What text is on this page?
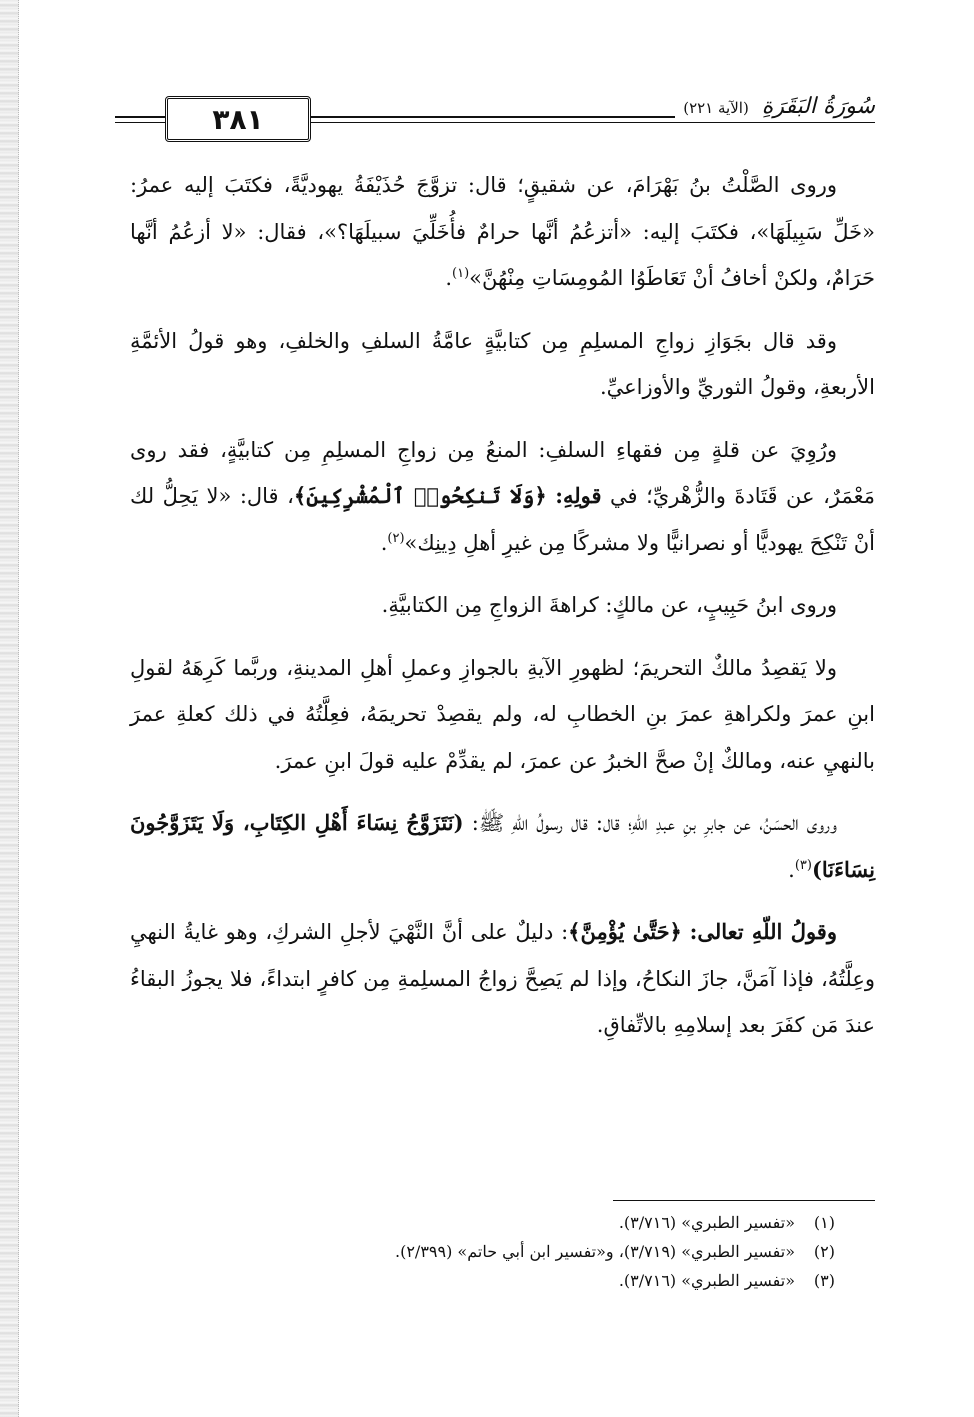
٣٨١	سُورَةُ البَقَرَةِ (الآية ٢٢١)

وروى الصَّلْتُ بنُ بَهْرَامَ، عن شقيقٍ؛ قال: تزوَّجَ حُذَيْفَةُ يهوديَّةً، فكتَبَ إليه عمرُ: «خَلِّ سَبِيلَهَا»، فكتَبَ إليه: «أتزعُمُ أنَّها حرامٌ فأُخَلِّيَ سبيلَهَا؟»، فقال: «لا أزعُمُ أنَّها حَرَامٌ، ولكنْ أخافُ أنْ تَعَاطَوُا المُومِسَاتِ مِنْهُنَّ»$^{(١)}$.

وقد قال بجَوَازِ زواجِ المسلِمِ مِن كتابيَّةٍ عامَّةُ السلفِ والخلفِ، وهو قولُ الأئمَّةِ الأربعةِ، وقولُ الثوريِّ والأوزاعيِّ.

ورُوِيَ عن قلةٍ مِن فقهاءِ السلفِ: المنعُ مِن زواجِ المسلِمِ مِن كتابيَّةٍ، فقد روى مَعْمَرٌ، عن قَتَادةَ والزُّهْريِّ؛ في قولِهِ: ﴿وَلَا تَنكِحُوا۟ ٱلْمُشْرِكِينَ﴾، قال: «لا يَحِلُّ لك أنْ تَنْكِحَ يهوديًّا أو نصرانيًّا ولا مشركًا مِن غيرِ أهلِ دِينِك»$^{(٢)}$.

وروى ابنُ حَبِيبٍ، عن مالكٍ: كراهةَ الزواجِ مِن الكتابيَّةِ.

ولا يَقصِدُ مالكٌ التحريمَ؛ لظهورِ الآيةِ بالجوازِ وعملِ أهلِ المدينةِ، وربَّما كَرِهَهُ لقولِ ابنِ عمرَ ولكراهةِ عمرَ بنِ الخطابِ له، ولم يقصِدْ تحريمَهُ، فعِلَّتُهُ في ذلك كعلةِ عمرَ بالنهيِ عنه، ومالكٌ إنْ صحَّ الخبرُ عن عمرَ، لم يقدِّمْ عليه قولَ ابنِ عمرَ.

وروى الحسَنُ، عن جابرِ بنِ عبدِ اللهِ؛ قال: قال رسولُ اللهِ ﷺ: (نَتَزَوَّجُ نِسَاءَ أَهْلِ الكِتَابِ، وَلَا يَتَزَوَّجُونَ نِسَاءَنَا)$^{(٣)}$.

وقولُ اللّهِ تعالى: ﴿حَتَّىٰ يُؤْمِنَّ﴾: دليلٌ على أنَّ النَّهْيَ لأجلِ الشركِ، وهو غايةُ النهيِ وعِلَّتُهُ، فإذا آمَنَّ، جازَ النكاحُ، وإذا لم يَصِحَّ زواجُ المسلِمةِ مِن كافرٍ ابتداءً، فلا يجوزُ البقاءُ عندَ مَن كفَرَ بعد إسلامِهِ بالاتِّفاقِ.

(١)«تفسير الطبري» (٣/٧١٦).
(٢)«تفسير الطبري» (٣/٧١٩)، و«تفسير ابن أبي حاتم» (٢/٣٩٩).
(٣)«تفسير الطبري» (٣/٧١٦).
